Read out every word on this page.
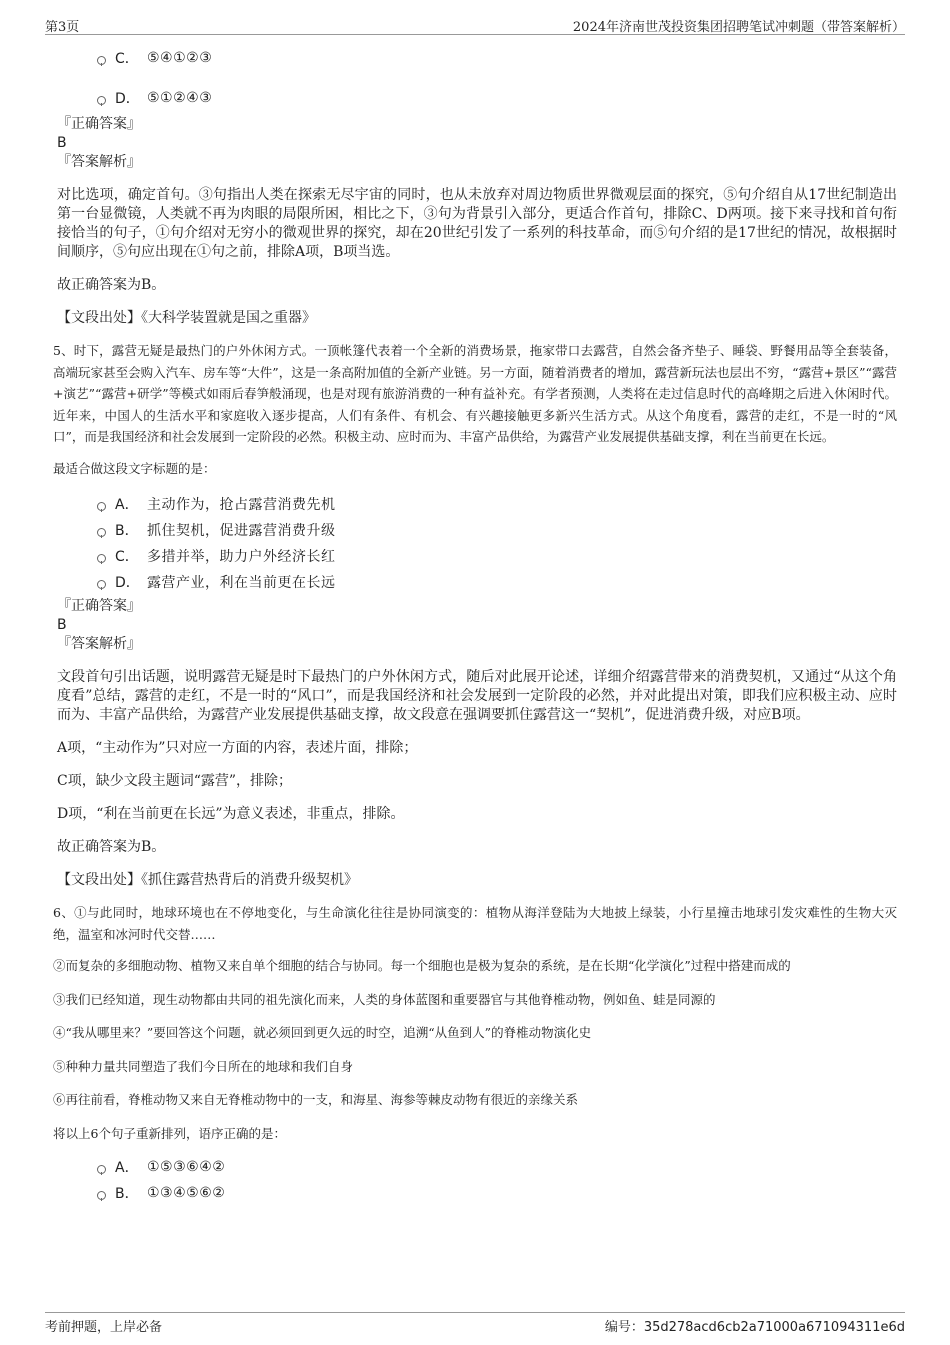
第3页	2024年济南世茂投资集团招聘笔试冲刺题（带答案解析）
C． ⑤④①②③
D． ⑤①②④③
『正确答案』
B
『答案解析』
对比选项，确定首句。③句指出人类在探索无尽宇宙的同时，也从未放弃对周边物质世界微观层面的探究，⑤句介绍自从17世纪制造出第一台显微镜，人类就不再为肉眼的局限所困，相比之下，③句为背景引入部分，更适合作首句，排除C、D两项。接下来寻找和首句衔接恰当的句子，①句介绍对无穷小的微观世界的探究，却在20世纪引发了一系列的科技革命，而⑤句介绍的是17世纪的情况，故根据时间顺序，⑤句应出现在①句之前，排除A项，B项当选。
故正确答案为B。
【文段出处】《大科学装置就是国之重器》
5、时下，露营无疑是最热门的户外休闲方式。一顶帐篷代表着一个全新的消费场景，拖家带口去露营，自然会备齐垫子、睡袋、野餐用品等全套装备，高端玩家甚至会购入汽车、房车等“大件”，这是一条高附加值的全新产业链。另一方面，随着消费者的增加，露营新玩法也层出不穷，“露营+景区”“露营+演艺”“露营+研学”等模式如雨后春笋般涌现，也是对现有旅游消费的一种有益补充。有学者预测，人类将在走过信息时代的高峰期之后进入休闲时代。近年来，中国人的生活水平和家庭收入逐步提高，人们有条件、有机会、有兴趣接触更多新兴生活方式。从这个角度看，露营的走红，不是一时的“风口”，而是我国经济和社会发展到一定阶段的必然。积极主动、应时而为、丰富产品供给，为露营产业发展提供基础支撑，利在当前更在长远。
最适合做这段文字标题的是：
A． 主动作为，抢占露营消费先机
B． 抓住契机，促进露营消费升级
C． 多措并举，助力户外经济长红
D． 露营产业，利在当前更在长远
『正确答案』
B
『答案解析』
文段首句引出话题，说明露营无疑是时下最热门的户外休闲方式，随后对此展开论述，详细介绍露营带来的消费契机，又通过“从这个角度看”总结，露营的走红，不是一时的“风口”，而是我国经济和社会发展到一定阶段的必然，并对此提出对策，即我们应积极主动、应时而为、丰富产品供给，为露营产业发展提供基础支撑，故文段意在强调要抓住露营这一“契机”，促进消费升级，对应B项。
A项，“主动作为”只对应一方面的内容，表述片面，排除；
C项，缺少文段主题词“露营”，排除；
D项，“利在当前更在长远”为意义表述，非重点，排除。
故正确答案为B。
【文段出处】《抓住露营热背后的消费升级契机》
6、①与此同时，地球环境也在不停地变化，与生命演化往往是协同演变的：植物从海洋登陆为大地披上绿装，小行星撞击地球引发灾难性的生物大灭绝，温室和冰河时代交替……
②而复杂的多细胞动物、植物又来自单个细胞的结合与协同。每一个细胞也是极为复杂的系统，是在长期“化学演化”过程中搭建而成的
③我们已经知道，现生动物都由共同的祖先演化而来，人类的身体蓝图和重要器官与其他脊椎动物，例如鱼、蛙是同源的
④“我从哪里来？”要回答这个问题，就必须回到更久远的时空，追溯“从鱼到人”的脊椎动物演化史
⑤种种力量共同塑造了我们今日所在的地球和我们自身
⑥再往前看，脊椎动物又来自无脊椎动物中的一支，和海星、海参等棘皮动物有很近的亲缘关系
将以上6个句子重新排列，语序正确的是：
A． ①⑤③⑥④②
B． ①③④⑤⑥②
考前押题，上岸必备	编号：35d278acd6cb2a71000a671094311e6d
